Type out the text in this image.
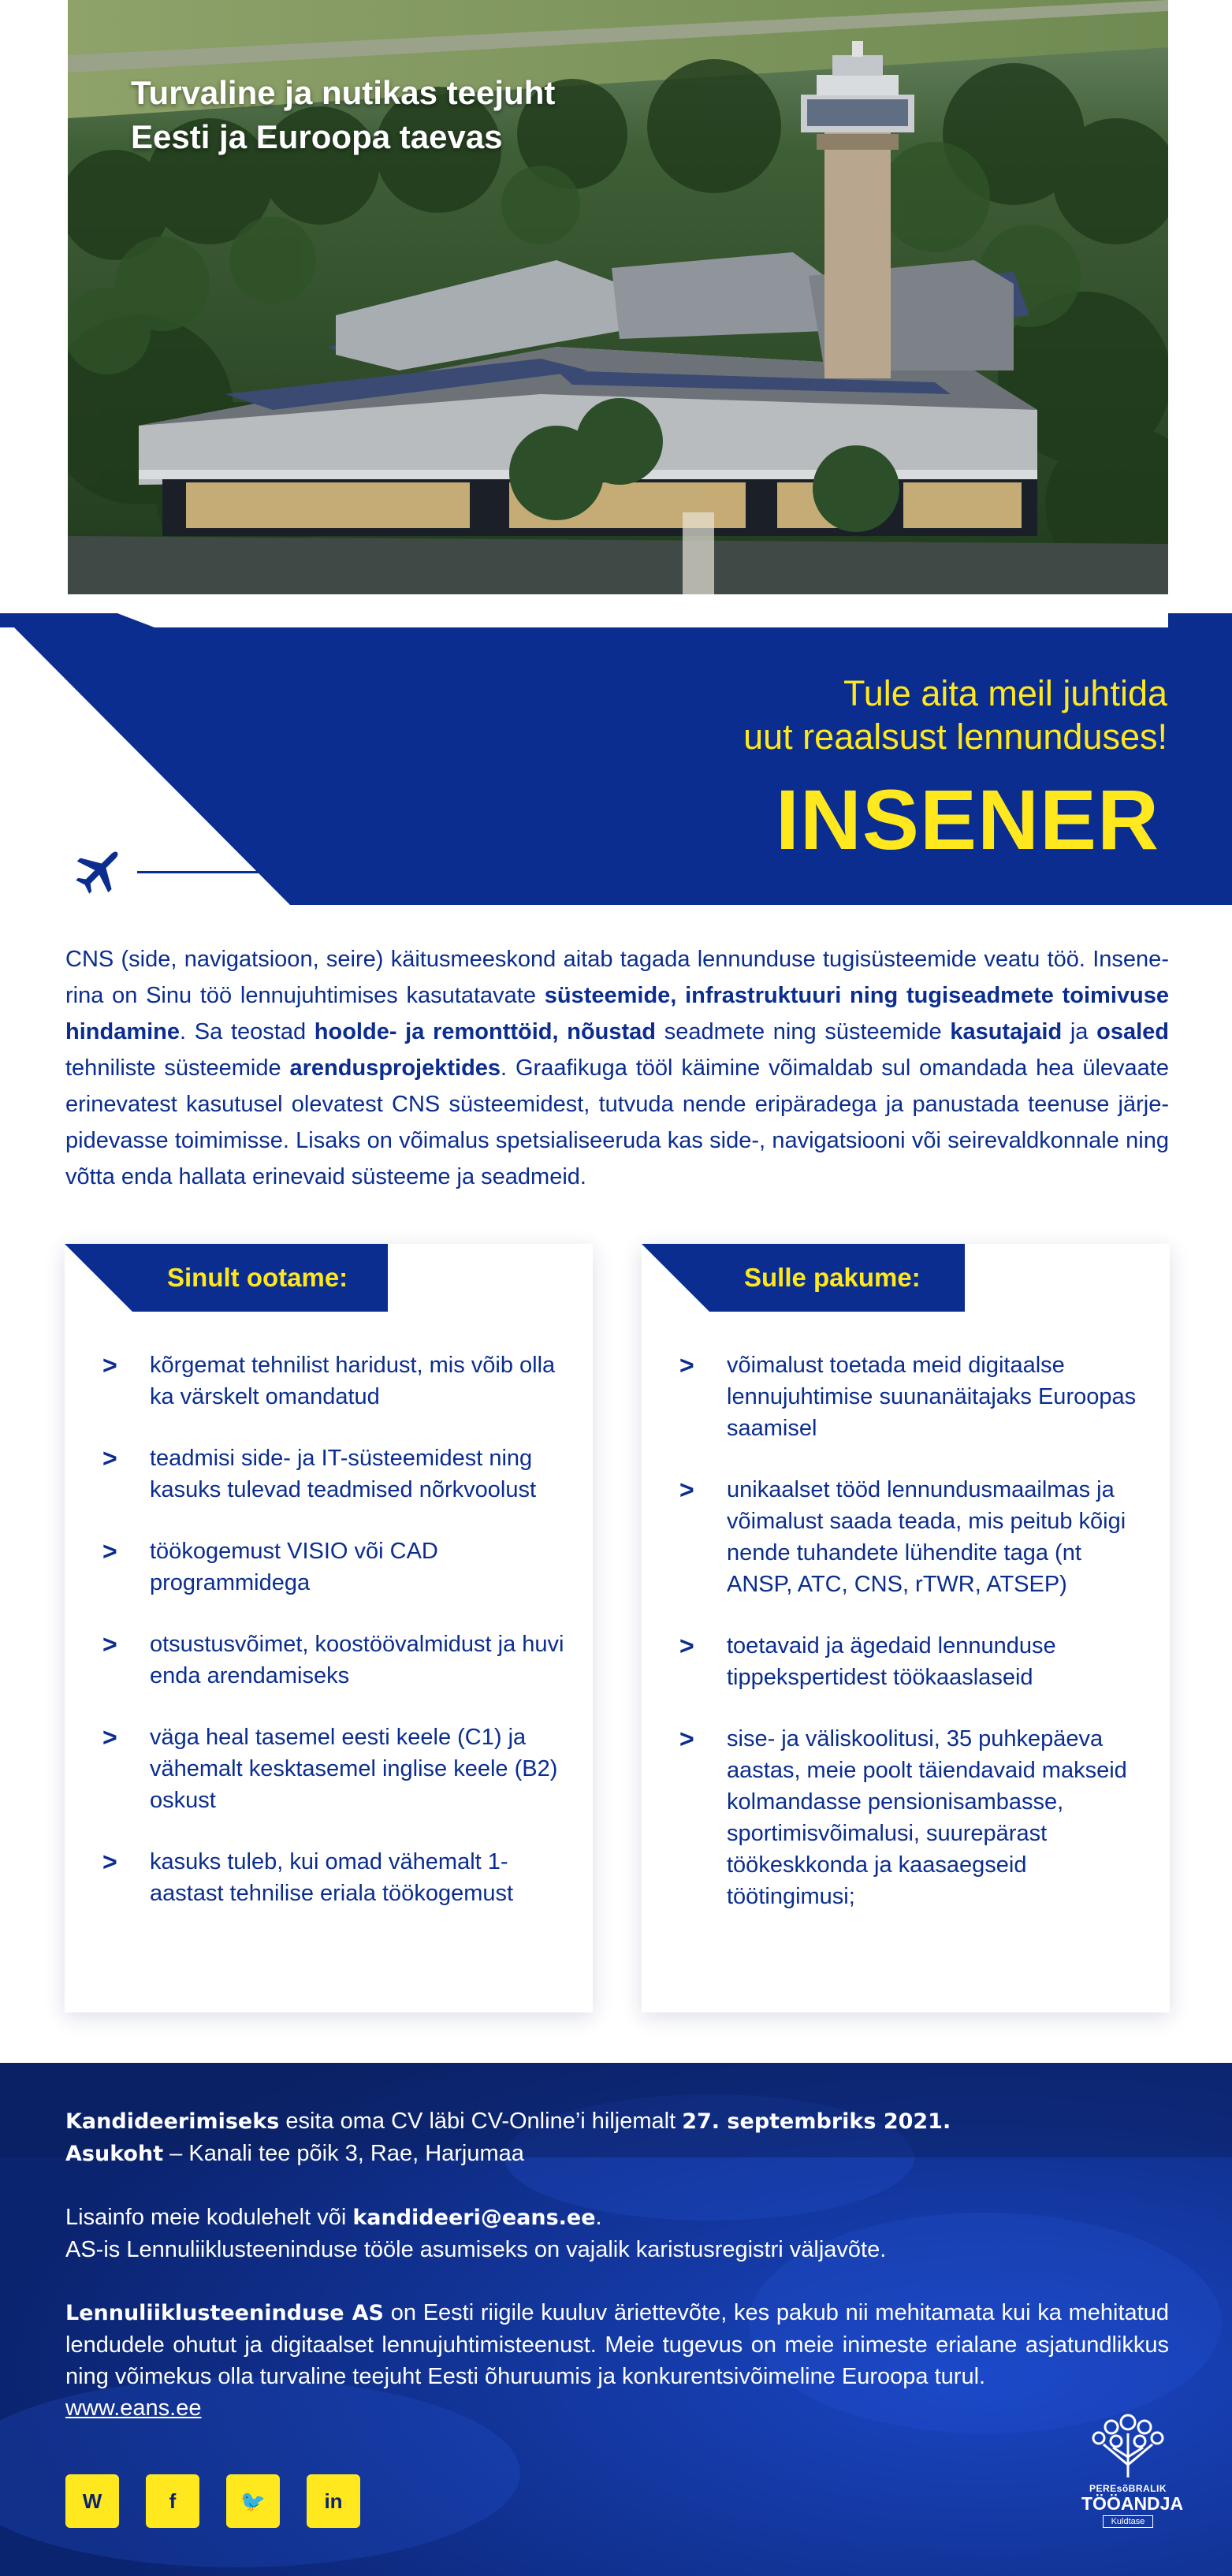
Turvaline ja nutikas teejuht
Eesti ja Euroopa taevas
Tule aita meil juhtida
uut reaalsust lennunduses!
INSENER
CNS (side, navigatsioon, seire) käitusmeeskond aitab tagada lennunduse tugisüsteemide veatu töö. Insenerina on Sinu töö lennujuhtimises kasutatavate süsteemide, infrastruktuuri ning tugiseadmete toimivuse hindamine. Sa teostad hoolde- ja remonttöid, nõustad seadmete ning süsteemide kasutajaid ja osaled tehniliste süsteemide arendusprojektides. Graafikuga tööl käimine võimaldab sul omandada hea ülevaate erinevatest kasutusel olevatest CNS süsteemidest, tutvuda nende eripäradega ja panustada teenuse järjepidevasse toimimisse. Lisaks on võimalus spetsialiseeruda kas side-, navigatsiooni või seirevaldkonnale ning võtta enda hallata erinevaid süsteeme ja seadmeid.
Sinult ootame:
> kõrgemat tehnilist haridust, mis võib olla ka värskelt omandatud
> teadmisi side- ja IT-süsteemidest ning kasuks tulevad teadmised nõrkvoolust
> töökogemust VISIO või CAD programmidega
> otsustusvõimet, koostöövalmidust ja huvi enda arendamiseks
> väga heal tasemel eesti keele (C1) ja vähemalt kesktasemel inglise keele (B2) oskust
> kasuks tuleb, kui omad vähemalt 1-aastast tehnilise eriala töökogemust
Sulle pakume:
> võimalust toetada meid digitaalse lennujuhtimise suunanäitajaks Euroopas saamisel
> unikaalset tööd lennundusmaailmas ja võimalust saada teada, mis peitub kõigi nende tuhandete lühendite taga (nt ANSP, ATC, CNS, rTWR, ATSEP)
> toetavaid ja ägedaid lennunduse tippekspertidest töökaaslaseid
> sise- ja väliskoolitusi, 35 puhkepäeva aastas, meie poolt täiendavaid makseid kolmandasse pensionisambasse, sportimisvõimalusi, suurepärast töökeskkonda ja kaasaegseid töötingimusi;

Kandideerimiseks esita oma CV läbi CV-Online’i hiljemalt 27. septembriks 2021.

Asukoht – Kanali tee põik 3, Rae, Harjumaa

Lisainfo meie kodulehelt või kandideeri@eans.ee.

AS-is Lennuliiklusteeninduse tööle asumiseks on vajalik karistusregistri väljavõte.

Lennuliiklusteeninduse AS on Eesti riigile kuuluv äriettevõte, kes pakub nii mehitamata kui ka mehitatud lendudele ohutut ja digitaalset lennujuhtimisteenust. Meie tugevus on meie inimeste erialane asjatundlikkus ning võimekus olla turvaline teejuht Eesti õhuruumis ja konkurentsivõimeline Euroopa turul.

www.eans.ee

W	f	🐦	in
PEREsõBRALIK
TÖÖANDJA
Kuldtase
